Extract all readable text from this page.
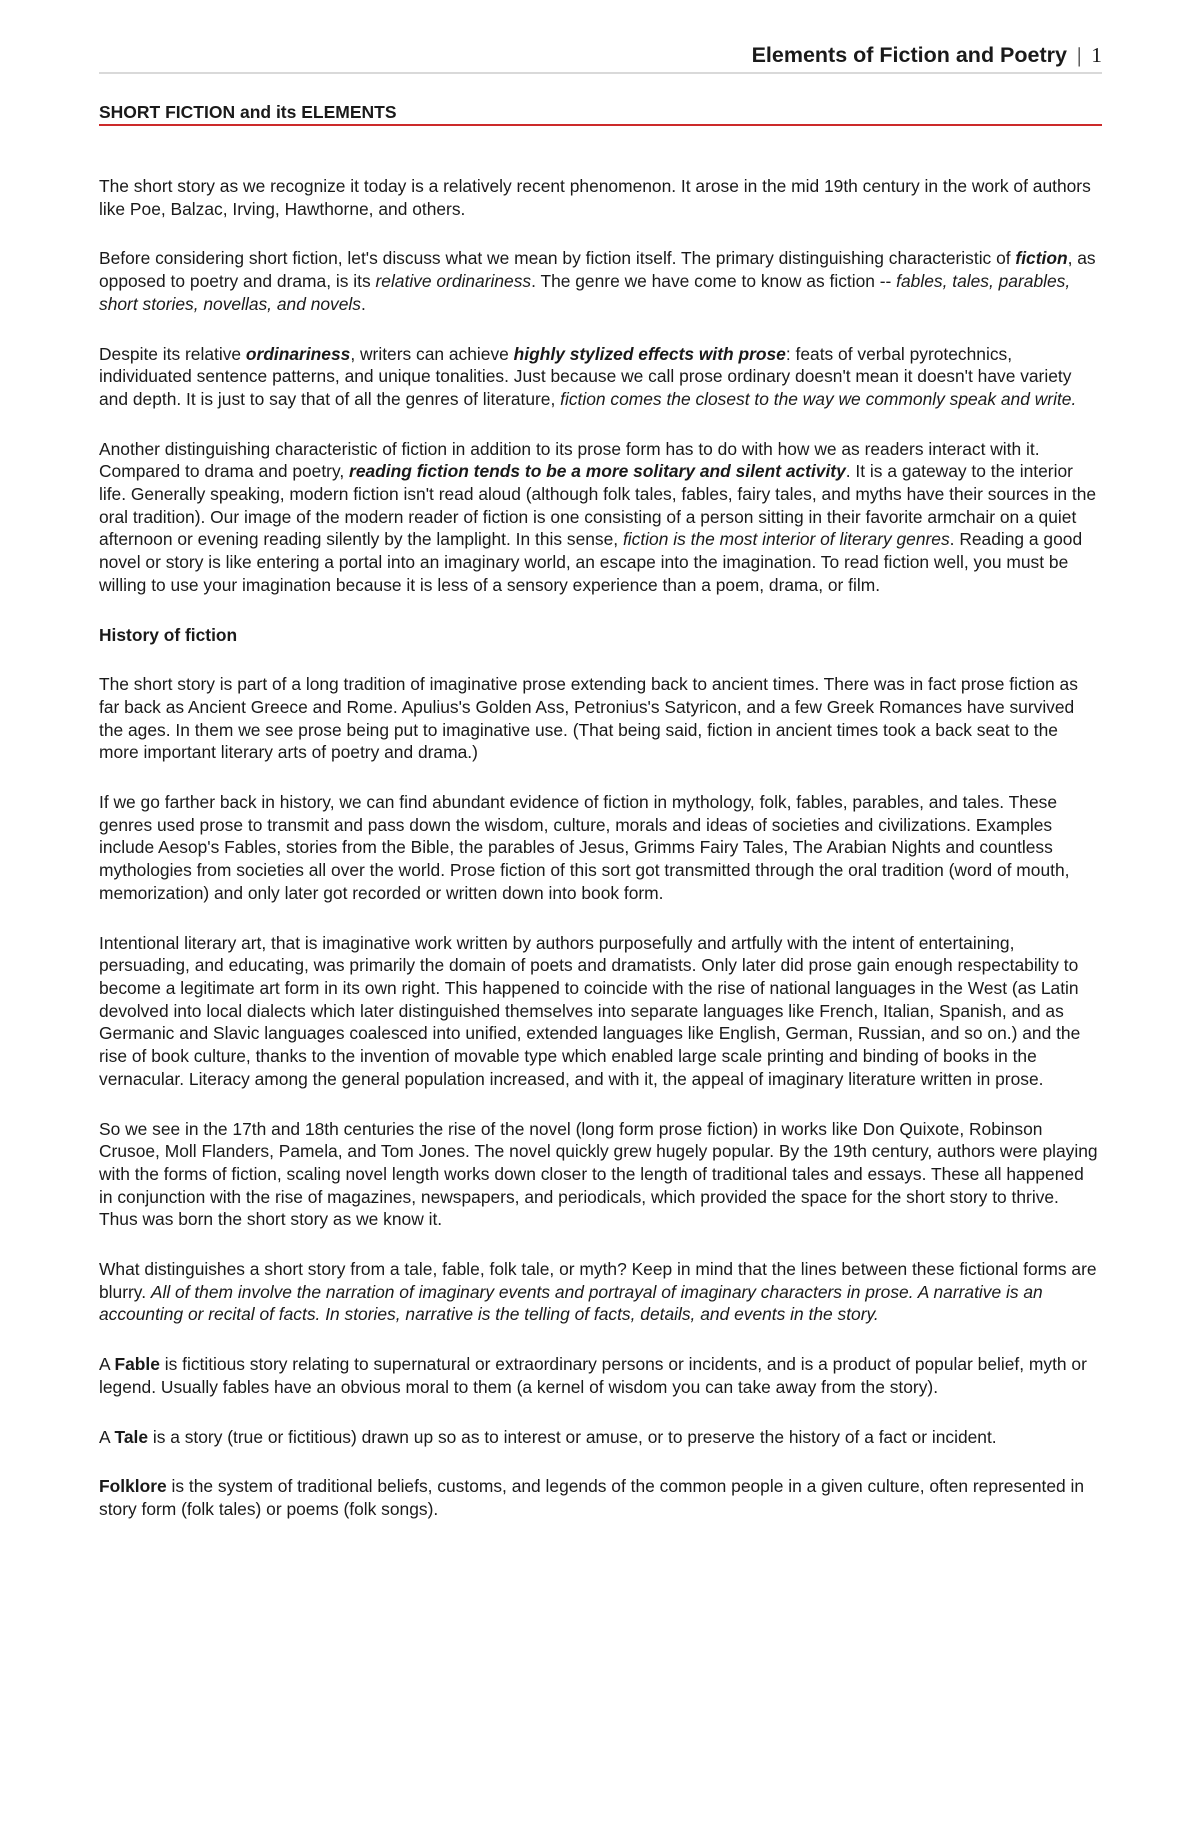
Elements of Fiction and Poetry | 1
SHORT FICTION and its ELEMENTS

The short story as we recognize it today is a relatively recent phenomenon. It arose in the mid 19th century in the work of authors like Poe, Balzac, Irving, Hawthorne, and others.

Before considering short fiction, let's discuss what we mean by fiction itself. The primary distinguishing characteristic of fiction, as opposed to poetry and drama, is its relative ordinariness. The genre we have come to know as fiction -- fables, tales, parables, short stories, novellas, and novels.

Despite its relative ordinariness, writers can achieve highly stylized effects with prose: feats of verbal pyrotechnics, individuated sentence patterns, and unique tonalities. Just because we call prose ordinary doesn't mean it doesn't have variety and depth. It is just to say that of all the genres of literature, fiction comes the closest to the way we commonly speak and write.

Another distinguishing characteristic of fiction in addition to its prose form has to do with how we as readers interact with it. Compared to drama and poetry, reading fiction tends to be a more solitary and silent activity. It is a gateway to the interior life. Generally speaking, modern fiction isn't read aloud (although folk tales, fables, fairy tales, and myths have their sources in the oral tradition). Our image of the modern reader of fiction is one consisting of a person sitting in their favorite armchair on a quiet afternoon or evening reading silently by the lamplight. In this sense, fiction is the most interior of literary genres. Reading a good novel or story is like entering a portal into an imaginary world, an escape into the imagination. To read fiction well, you must be willing to use your imagination because it is less of a sensory experience than a poem, drama, or film.

History of fiction

The short story is part of a long tradition of imaginative prose extending back to ancient times. There was in fact prose fiction as far back as Ancient Greece and Rome. Apulius's Golden Ass, Petronius's Satyricon, and a few Greek Romances have survived the ages. In them we see prose being put to imaginative use. (That being said, fiction in ancient times took a back seat to the more important literary arts of poetry and drama.)

If we go farther back in history, we can find abundant evidence of fiction in mythology, folk, fables, parables, and tales. These genres used prose to transmit and pass down the wisdom, culture, morals and ideas of societies and civilizations. Examples include Aesop's Fables, stories from the Bible, the parables of Jesus, Grimms Fairy Tales, The Arabian Nights and countless mythologies from societies all over the world. Prose fiction of this sort got transmitted through the oral tradition (word of mouth, memorization) and only later got recorded or written down into book form.

Intentional literary art, that is imaginative work written by authors purposefully and artfully with the intent of entertaining, persuading, and educating, was primarily the domain of poets and dramatists. Only later did prose gain enough respectability to become a legitimate art form in its own right. This happened to coincide with the rise of national languages in the West (as Latin devolved into local dialects which later distinguished themselves into separate languages like French, Italian, Spanish, and as Germanic and Slavic languages coalesced into unified, extended languages like English, German, Russian, and so on.) and the rise of book culture, thanks to the invention of movable type which enabled large scale printing and binding of books in the vernacular. Literacy among the general population increased, and with it, the appeal of imaginary literature written in prose.

So we see in the 17th and 18th centuries the rise of the novel (long form prose fiction) in works like Don Quixote, Robinson Crusoe, Moll Flanders, Pamela, and Tom Jones. The novel quickly grew hugely popular. By the 19th century, authors were playing with the forms of fiction, scaling novel length works down closer to the length of traditional tales and essays. These all happened in conjunction with the rise of magazines, newspapers, and periodicals, which provided the space for the short story to thrive. Thus was born the short story as we know it.

What distinguishes a short story from a tale, fable, folk tale, or myth? Keep in mind that the lines between these fictional forms are blurry. All of them involve the narration of imaginary events and portrayal of imaginary characters in prose. A narrative is an accounting or recital of facts. In stories, narrative is the telling of facts, details, and events in the story.

A Fable is fictitious story relating to supernatural or extraordinary persons or incidents, and is a product of popular belief, myth or legend. Usually fables have an obvious moral to them (a kernel of wisdom you can take away from the story).

A Tale is a story (true or fictitious) drawn up so as to interest or amuse, or to preserve the history of a fact or incident.

Folklore is the system of traditional beliefs, customs, and legends of the common people in a given culture, often represented in story form (folk tales) or poems (folk songs).
